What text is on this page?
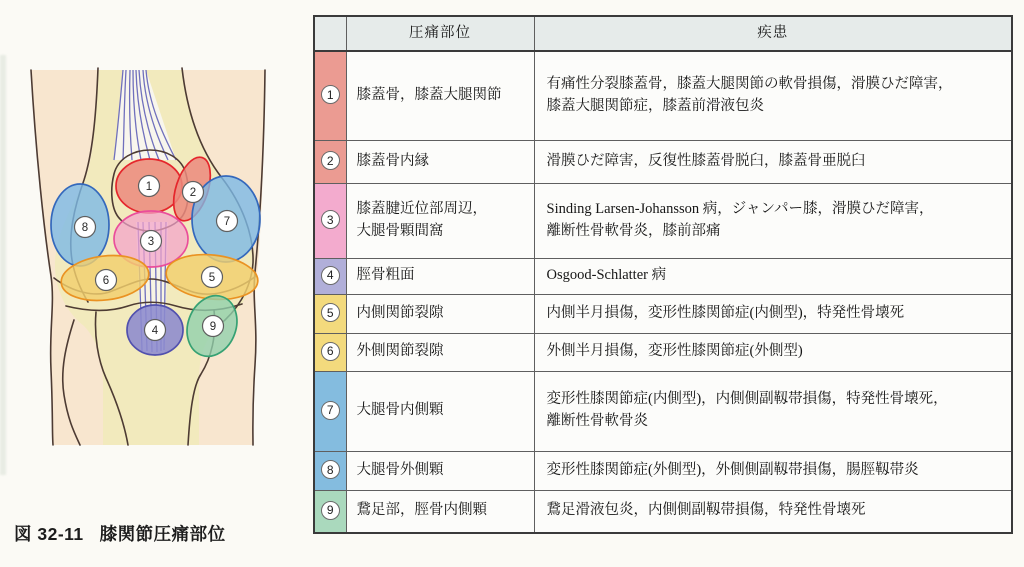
1	2
3
4
5
6
7
8
9
図 32-11 膝関節圧痛部位
	圧痛部位	疾患
1	膝蓋骨，膝蓋大腿関節	有痛性分裂膝蓋骨，膝蓋大腿関節の軟骨損傷，滑膜ひだ障害，
膝蓋大腿関節症，膝蓋前滑液包炎
2	膝蓋骨内縁	滑膜ひだ障害，反復性膝蓋骨脱臼，膝蓋骨亜脱臼
3	膝蓋腱近位部周辺，
大腿骨顆間窩	Sinding Larsen-Johansson 病，ジャンパー膝，滑膜ひだ障害，
離断性骨軟骨炎，膝前部痛
4	脛骨粗面	Osgood-Schlatter 病
5	内側関節裂隙	内側半月損傷，変形性膝関節症(内側型)，特発性骨壊死
6	外側関節裂隙	外側半月損傷，変形性膝関節症(外側型)
7	大腿骨内側顆	変形性膝関節症(内側型)，内側側副靱帯損傷，特発性骨壊死，
離断性骨軟骨炎
8	大腿骨外側顆	変形性膝関節症(外側型)，外側側副靱帯損傷，腸脛靱帯炎
9	鵞足部，脛骨内側顆	鵞足滑液包炎，内側側副靱帯損傷，特発性骨壊死
